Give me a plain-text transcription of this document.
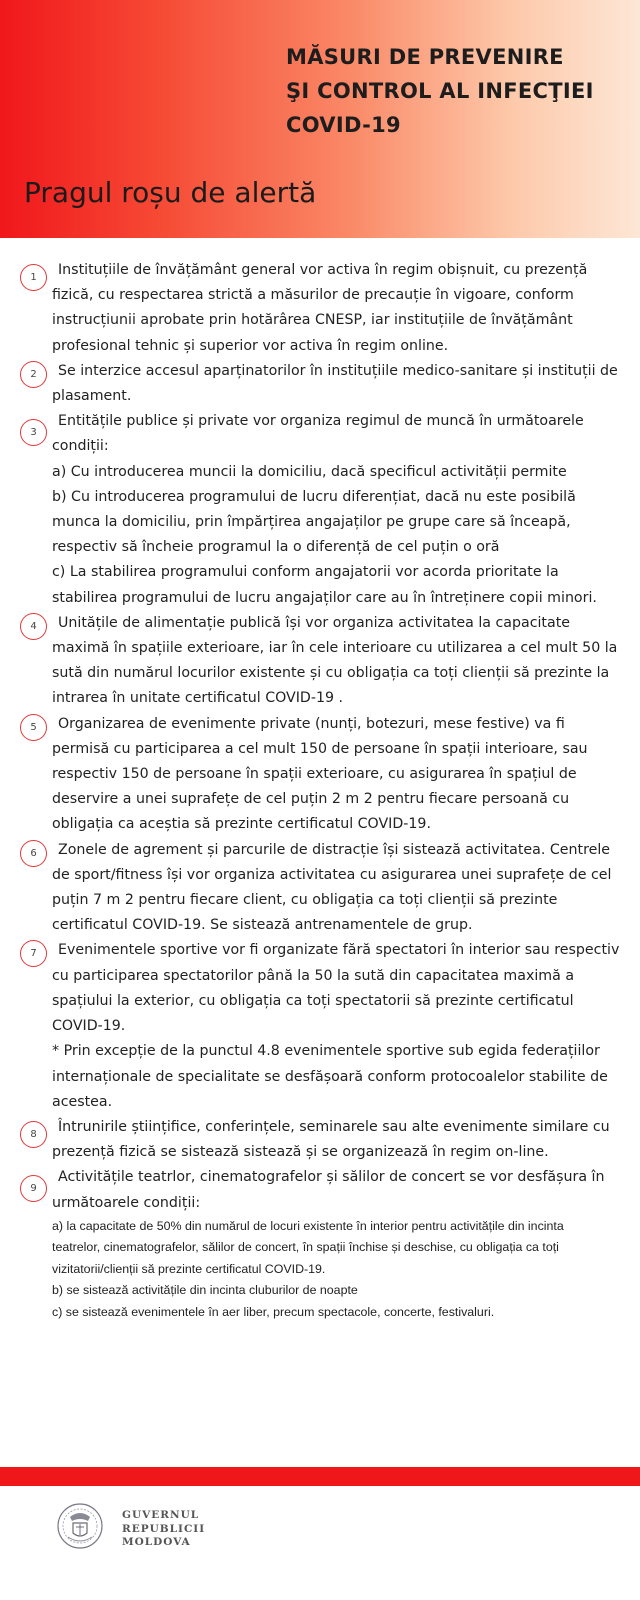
MĂSURI DE PREVENIRE
ŞI CONTROL AL INFECŢIEI
COVID-19
Pragul roșu de alertă
1	Instituțiile de învățământ general vor activa în regim obișnuit, cu prezență fizică, cu respectarea strictă a măsurilor de precauție în vigoare, conform instrucțiunii aprobate prin hotărârea CNESP, iar instituțiile de învățământ profesional tehnic și superior vor activa în regim online.

2	Se interzice accesul aparținatorilor în instituțiile medico-sanitare și instituții de plasament.

3

Entitățile publice și private vor organiza regimul de muncă în următoarele condiții:

a) Cu introducerea muncii la domiciliu, dacă specificul activității permite

b) Cu introducerea programului de lucru diferențiat, dacă nu este posibilă munca la domiciliu, prin împărțirea angajaților pe grupe care să înceapă, respectiv să încheie programul la o diferență de cel puțin o oră

c) La stabilirea programului conform angajatorii vor acorda prioritate la stabilirea programului de lucru angajaților care au în întreținere copii minori.

4	Unitățile de alimentație publică își vor organiza activitatea la capacitate maximă în spațiile exterioare, iar în cele interioare cu utilizarea a cel mult 50 la sută din numărul locurilor existente și cu obligația ca toți clienții să prezinte la intrarea în unitate certificatul COVID-19 .

5	Organizarea de evenimente private (nunți, botezuri, mese festive) va fi permisă cu participarea a cel mult 150 de persoane în spații interioare, sau respectiv 150 de persoane în spații exterioare, cu asigurarea în spațiul de deservire a unei suprafețe de cel puțin 2 m 2 pentru fiecare persoană cu obligația ca aceștia să prezinte certificatul COVID-19.

6	Zonele de agrement și parcurile de distracție își sistează activitatea. Centrele de sport/fitness își vor organiza activitatea cu asigurarea unei suprafețe de cel puțin 7 m 2 pentru fiecare client, cu obligația ca toți clienții să prezinte certificatul COVID-19. Se sistează antrenamentele de grup.

7	Evenimentele sportive vor fi organizate fără spectatori în interior sau respectiv cu participarea spectatorilor până la 50 la sută din capacitatea maximă a spațiului la exterior, cu obligația ca toți spectatorii să prezinte certificatul COVID-19.

* Prin excepție de la punctul 4.8 evenimentele sportive sub egida federațiilor internaționale de specialitate se desfășoară conform protocoalelor stabilite de acestea.

8	Întrunirile științifice, conferințele, seminarele sau alte evenimente similare cu prezență fizică se sistează sistează și se organizează în regim on-line.

9

Activitățile teatrlor, cinematografelor și sălilor de concert se vor desfășura în următoarele condiții:

a) la capacitate de 50% din numărul de locuri existente în interior pentru activitățile din incinta teatrelor, cinematografelor, sălilor de concert, în spații închise și deschise, cu obligația ca toți vizitatorii/clienții să prezinte certificatul COVID-19.

b) se sistează activitățile din incinta cluburilor de noapte

c) se sistează evenimentele în aer liber, precum spectacole, concerte, festivaluri.

GUVERNUL
REPUBLICII
MOLDOVA
